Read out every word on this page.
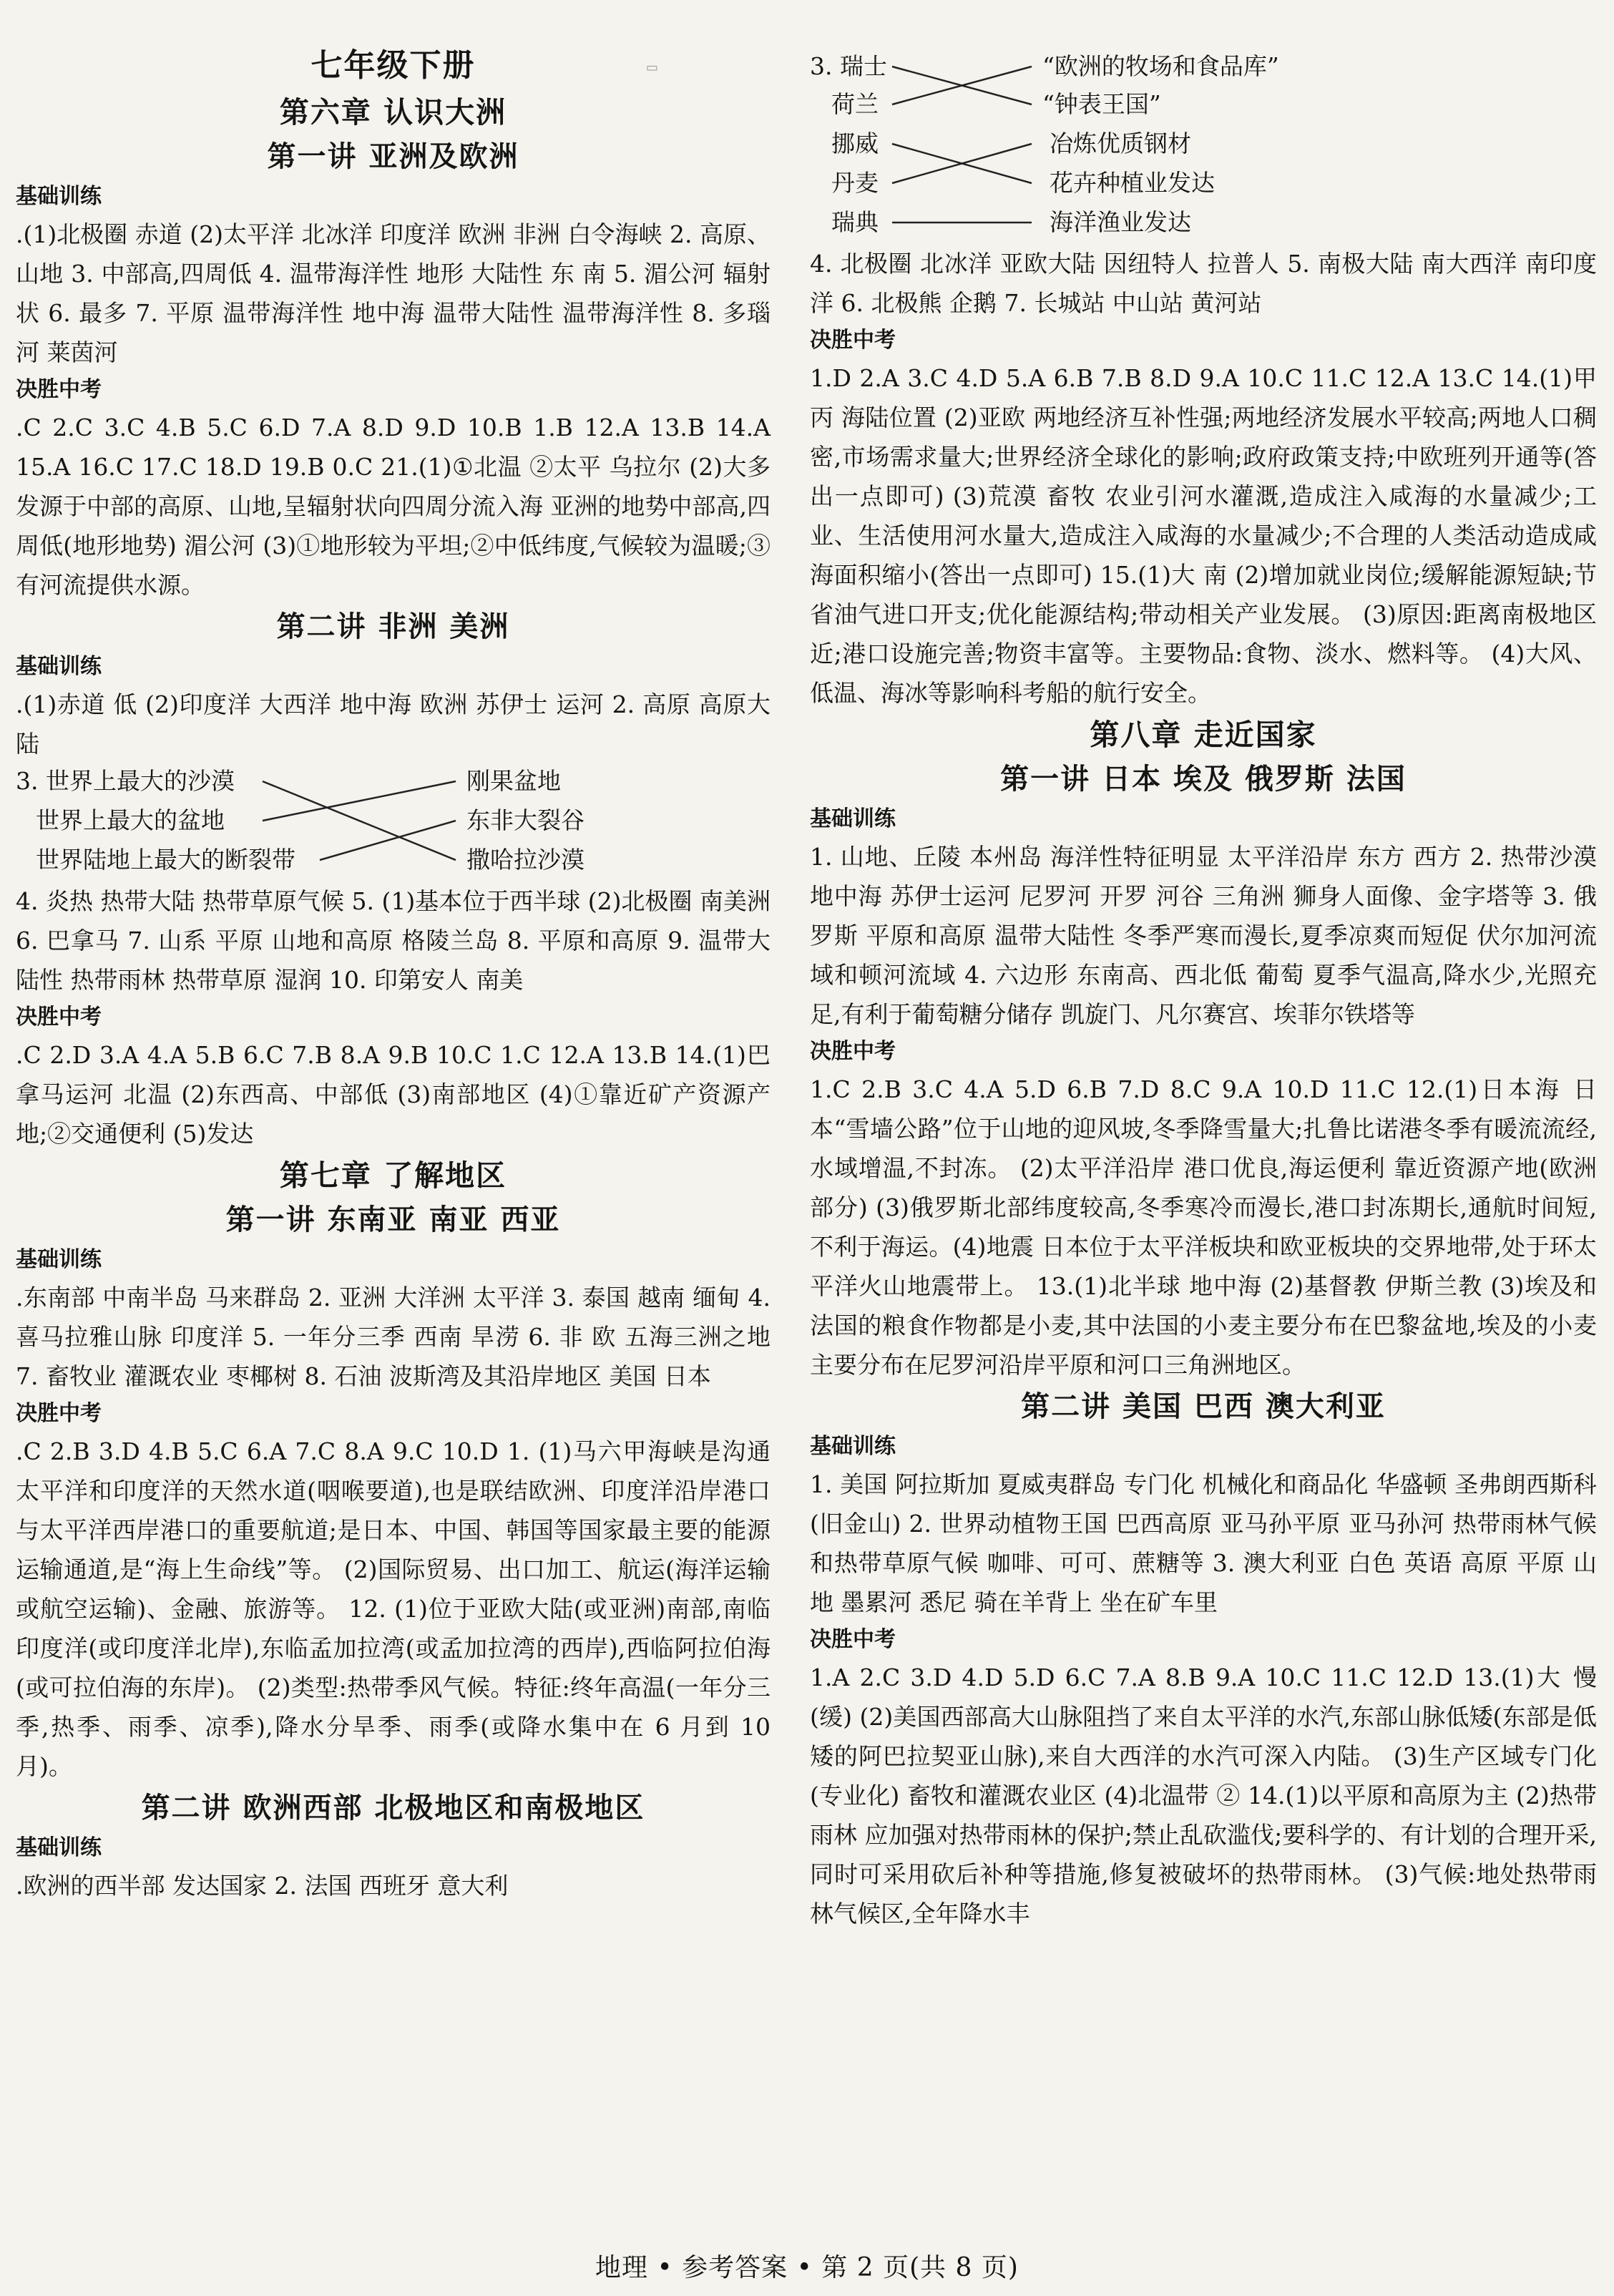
七年级下册
第六章 认识大洲
第一讲 亚洲及欧洲
基础训练
.(1)北极圈 赤道 (2)太平洋 北冰洋 印度洋 欧洲 非洲 白令海峡 2. 高原、山地 3. 中部高,四周低 4. 温带海洋性 地形 大陆性 东 南 5. 湄公河 辐射状 6. 最多 7. 平原 温带海洋性 地中海 温带大陆性 温带海洋性 8. 多瑙河 莱茵河
决胜中考
.C 2.C 3.C 4.B 5.C 6.D 7.A 8.D 9.D 10.B 1.B 12.A 13.B 14.A 15.A 16.C 17.C 18.D 19.B 0.C 21.(1)①北温 ②太平 乌拉尔 (2)大多发源于中部的高原、山地,呈辐射状向四周分流入海 亚洲的地势中部高,四周低(地形地势) 湄公河 (3)①地形较为平坦;②中低纬度,气候较为温暖;③有河流提供水源。
第二讲 非洲 美洲
基础训练
.(1)赤道 低 (2)印度洋 大西洋 地中海 欧洲 苏伊士 运河 2. 高原 高原大陆
3. 世界上最大的沙漠
世界上最大的盆地
世界陆地上最大的断裂带
刚果盆地
东非大裂谷
撒哈拉沙漠
4. 炎热 热带大陆 热带草原气候 5. (1)基本位于西半球 (2)北极圈 南美洲 6. 巴拿马 7. 山系 平原 山地和高原 格陵兰岛 8. 平原和高原 9. 温带大陆性 热带雨林 热带草原 湿润 10. 印第安人 南美
决胜中考
.C 2.D 3.A 4.A 5.B 6.C 7.B 8.A 9.B 10.C 1.C 12.A 13.B 14.(1)巴拿马运河 北温 (2)东西高、中部低 (3)南部地区 (4)①靠近矿产资源产地;②交通便利 (5)发达
第七章 了解地区
第一讲 东南亚 南亚 西亚
基础训练
.东南部 中南半岛 马来群岛 2. 亚洲 大洋洲 太平洋 3. 泰国 越南 缅甸 4. 喜马拉雅山脉 印度洋 5. 一年分三季 西南 旱涝 6. 非 欧 五海三洲之地 7. 畜牧业 灌溉农业 枣椰树 8. 石油 波斯湾及其沿岸地区 美国 日本
决胜中考
.C 2.B 3.D 4.B 5.C 6.A 7.C 8.A 9.C 10.D 1. (1)马六甲海峡是沟通太平洋和印度洋的天然水道(咽喉要道),也是联结欧洲、印度洋沿岸港口与太平洋西岸港口的重要航道;是日本、中国、韩国等国家最主要的能源运输通道,是“海上生命线”等。 (2)国际贸易、出口加工、航运(海洋运输或航空运输)、金融、旅游等。 12. (1)位于亚欧大陆(或亚洲)南部,南临印度洋(或印度洋北岸),东临孟加拉湾(或孟加拉湾的西岸),西临阿拉伯海(或可拉伯海的东岸)。 (2)类型:热带季风气候。特征:终年高温(一年分三季,热季、雨季、凉季),降水分旱季、雨季(或降水集中在 6 月到 10 月)。
第二讲 欧洲西部 北极地区和南极地区
基础训练
.欧洲的西半部 发达国家 2. 法国 西班牙 意大利
3. 瑞士
荷兰
挪威
丹麦
瑞典
“欧洲的牧场和食品库”
“钟表王国”
冶炼优质钢材
花卉种植业发达
海洋渔业发达
4. 北极圈 北冰洋 亚欧大陆 因纽特人 拉普人 5. 南极大陆 南大西洋 南印度洋 6. 北极熊 企鹅 7. 长城站 中山站 黄河站
决胜中考
1.D 2.A 3.C 4.D 5.A 6.B 7.B 8.D 9.A 10.C 11.C 12.A 13.C 14.(1)甲 丙 海陆位置 (2)亚欧 两地经济互补性强;两地经济发展水平较高;两地人口稠密,市场需求量大;世界经济全球化的影响;政府政策支持;中欧班列开通等(答出一点即可) (3)荒漠 畜牧 农业引河水灌溉,造成注入咸海的水量减少;工业、生活使用河水量大,造成注入咸海的水量减少;不合理的人类活动造成咸海面积缩小(答出一点即可) 15.(1)大 南 (2)增加就业岗位;缓解能源短缺;节省油气进口开支;优化能源结构;带动相关产业发展。 (3)原因:距离南极地区近;港口设施完善;物资丰富等。主要物品:食物、淡水、燃料等。 (4)大风、低温、海冰等影响科考船的航行安全。
第八章 走近国家
第一讲 日本 埃及 俄罗斯 法国
基础训练
1. 山地、丘陵 本州岛 海洋性特征明显 太平洋沿岸 东方 西方 2. 热带沙漠 地中海 苏伊士运河 尼罗河 开罗 河谷 三角洲 狮身人面像、金字塔等 3. 俄罗斯 平原和高原 温带大陆性 冬季严寒而漫长,夏季凉爽而短促 伏尔加河流域和顿河流域 4. 六边形 东南高、西北低 葡萄 夏季气温高,降水少,光照充足,有利于葡萄糖分储存 凯旋门、凡尔赛宫、埃菲尔铁塔等
决胜中考
1.C 2.B 3.C 4.A 5.D 6.B 7.D 8.C 9.A 10.D 11.C 12.(1)日本海 日本“雪墙公路”位于山地的迎风坡,冬季降雪量大;扎鲁比诺港冬季有暖流流经,水域增温,不封冻。 (2)太平洋沿岸 港口优良,海运便利 靠近资源产地(欧洲部分) (3)俄罗斯北部纬度较高,冬季寒冷而漫长,港口封冻期长,通航时间短,不利于海运。(4)地震 日本位于太平洋板块和欧亚板块的交界地带,处于环太平洋火山地震带上。 13.(1)北半球 地中海 (2)基督教 伊斯兰教 (3)埃及和法国的粮食作物都是小麦,其中法国的小麦主要分布在巴黎盆地,埃及的小麦主要分布在尼罗河沿岸平原和河口三角洲地区。
第二讲 美国 巴西 澳大利亚
基础训练
1. 美国 阿拉斯加 夏威夷群岛 专门化 机械化和商品化 华盛顿 圣弗朗西斯科(旧金山) 2. 世界动植物王国 巴西高原 亚马孙平原 亚马孙河 热带雨林气候和热带草原气候 咖啡、可可、蔗糖等 3. 澳大利亚 白色 英语 高原 平原 山地 墨累河 悉尼 骑在羊背上 坐在矿车里
决胜中考
1.A 2.C 3.D 4.D 5.D 6.C 7.A 8.B 9.A 10.C 11.C 12.D 13.(1)大 慢(缓) (2)美国西部高大山脉阻挡了来自太平洋的水汽,东部山脉低矮(东部是低矮的阿巴拉契亚山脉),来自大西洋的水汽可深入内陆。 (3)生产区域专门化(专业化) 畜牧和灌溉农业区 (4)北温带 ② 14.(1)以平原和高原为主 (2)热带雨林 应加强对热带雨林的保护;禁止乱砍滥伐;要科学的、有计划的合理开采,同时可采用砍后补种等措施,修复被破坏的热带雨林。 (3)气候:地处热带雨林气候区,全年降水丰
地理 • 参考答案 • 第 2 页(共 8 页)
▭
